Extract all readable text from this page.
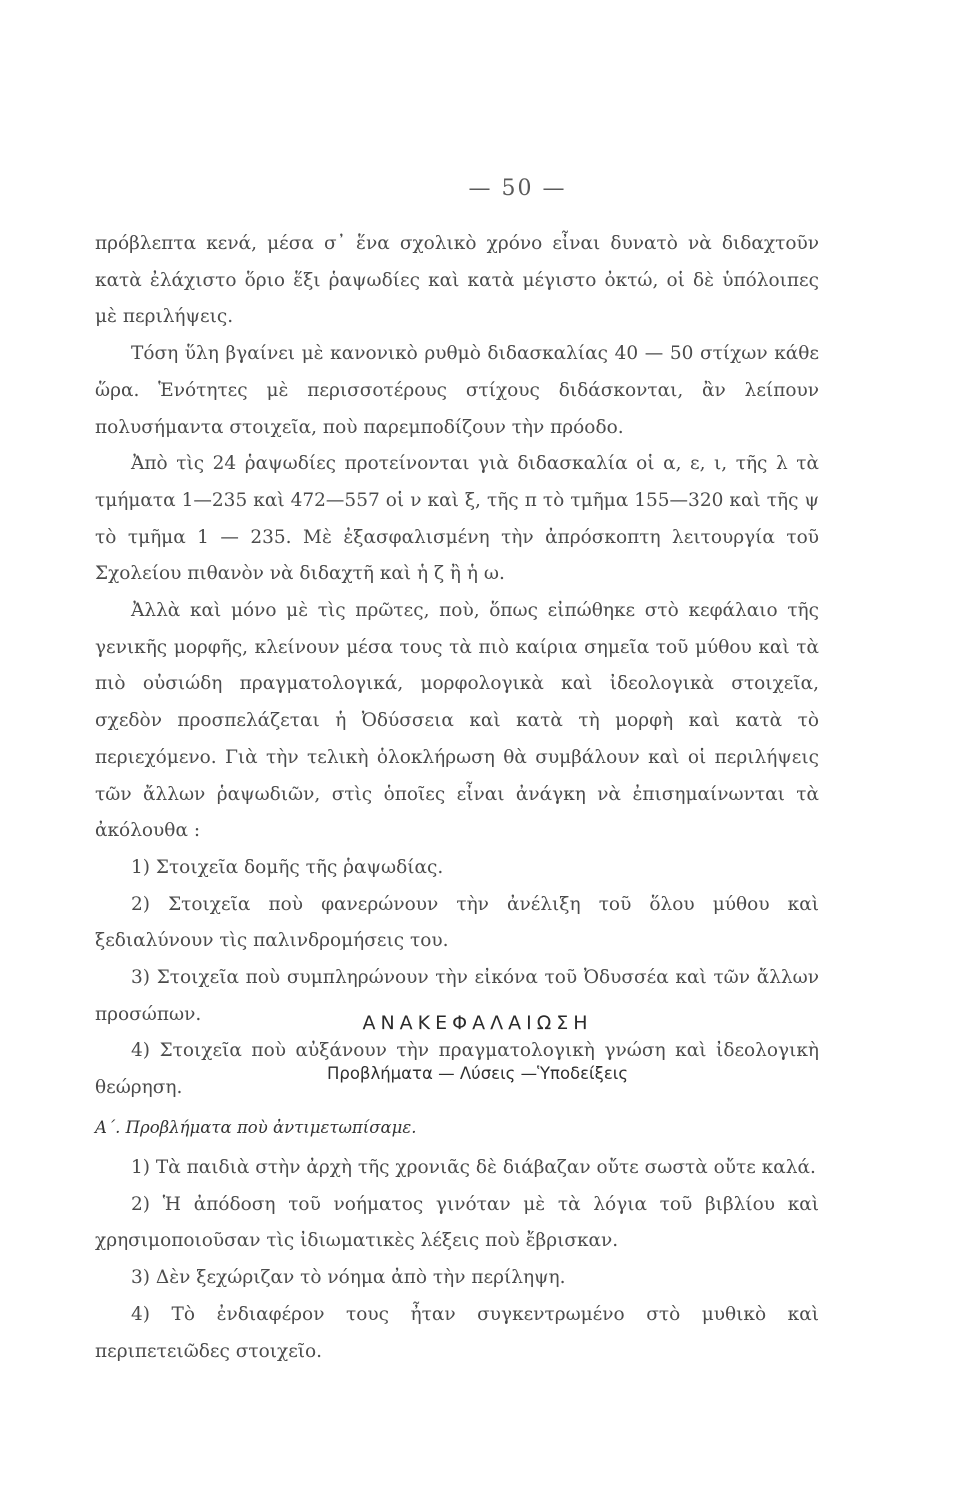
— 50 —

πρόβλεπτα κενά, μέσα σ᾽ ἕνα σχολικὸ χρόνο εἶναι δυνατὸ νὰ διδαχτοῦν κατὰ ἐλάχιστο ὅριο ἕξι ῥαψωδίες καὶ κατὰ μέγιστο ὀκτώ, οἱ δὲ ὑπόλοιπες μὲ περιλήψεις.

Τόση ὕλη βγαίνει μὲ κανονικὸ ρυθμὸ διδασκαλίας 40 — 50 στίχων κάθε ὥρα. Ἑνότητες μὲ περισσοτέρους στίχους διδάσκονται, ἂν λείπουν πολυσήμαντα στοιχεῖα, ποὺ παρεμποδίζουν τὴν πρόοδο.

Ἀπὸ τὶς 24 ῥαψωδίες προτείνονται γιὰ διδασκαλία οἱ α, ε, ι, τῆς λ τὰ τμήματα 1—235 καὶ 472—557 οἱ ν καὶ ξ, τῆς π τὸ τμῆμα 155—320 καὶ τῆς ψ τὸ τμῆμα 1 — 235. Μὲ ἐξασφαλισμένη τὴν ἀπρόσκοπτη λειτουργία τοῦ Σχολείου πιθανὸν νὰ διδαχτῆ καὶ ἡ ζ ἢ ἡ ω.

Ἀλλὰ καὶ μόνο μὲ τὶς πρῶτες, ποὺ, ὅπως εἰπώθηκε στὸ κεφάλαιο τῆς γενικῆς μορφῆς, κλείνουν μέσα τους τὰ πιὸ καίρια σημεῖα τοῦ μύθου καὶ τὰ πιὸ οὐσιώδη πραγματολογικά, μορφολογικὰ καὶ ἰδεολογικὰ στοιχεῖα, σχεδὸν προσπελάζεται ἡ Ὀδύσσεια καὶ κατὰ τὴ μορφὴ καὶ κατὰ τὸ περιεχόμενο. Γιὰ τὴν τελικὴ ὁλοκλήρωση θὰ συμβάλουν καὶ οἱ περιλήψεις τῶν ἄλλων ῥαψωδιῶν, στὶς ὁποῖες εἶναι ἀνάγκη νὰ ἐπισημαίνωνται τὰ ἀκόλουθα :

1) Στοιχεῖα δομῆς τῆς ῥαψωδίας.

2) Στοιχεῖα ποὺ φανερώνουν τὴν ἀνέλιξη τοῦ ὅλου μύθου καὶ ξεδιαλύνουν τὶς παλινδρομήσεις του.

3) Στοιχεῖα ποὺ συμπληρώνουν τὴν εἰκόνα τοῦ Ὀδυσσέα καὶ τῶν ἄλλων προσώπων.

4) Στοιχεῖα ποὺ αὐξάνουν τὴν πραγματολογικὴ γνώση καὶ ἰδεολογικὴ θεώρηση.

ΑΝΑΚΕΦΑΛΑΙΩΣΗ
Προβλήματα — Λύσεις —Ὑποδείξεις
Α΄. Προβλήματα ποὺ ἀντιμετωπίσαμε.

1) Τὰ παιδιὰ στὴν ἀρχὴ τῆς χρονιᾶς δὲ διάβαζαν οὔτε σωστὰ οὔτε καλά.

2) Ἡ ἀπόδοση τοῦ νοήματος γινόταν μὲ τὰ λόγια τοῦ βιβλίου καὶ χρησιμοποιοῦσαν τὶς ἰδιωματικὲς λέξεις ποὺ ἔβρισκαν.

3) Δὲν ξεχώριζαν τὸ νόημα ἀπὸ τὴν περίληψη.

4) Τὸ ἐνδιαφέρον τους ἦταν συγκεντρωμένο στὸ μυθικὸ καὶ περιπετειῶδες στοιχεῖο.
